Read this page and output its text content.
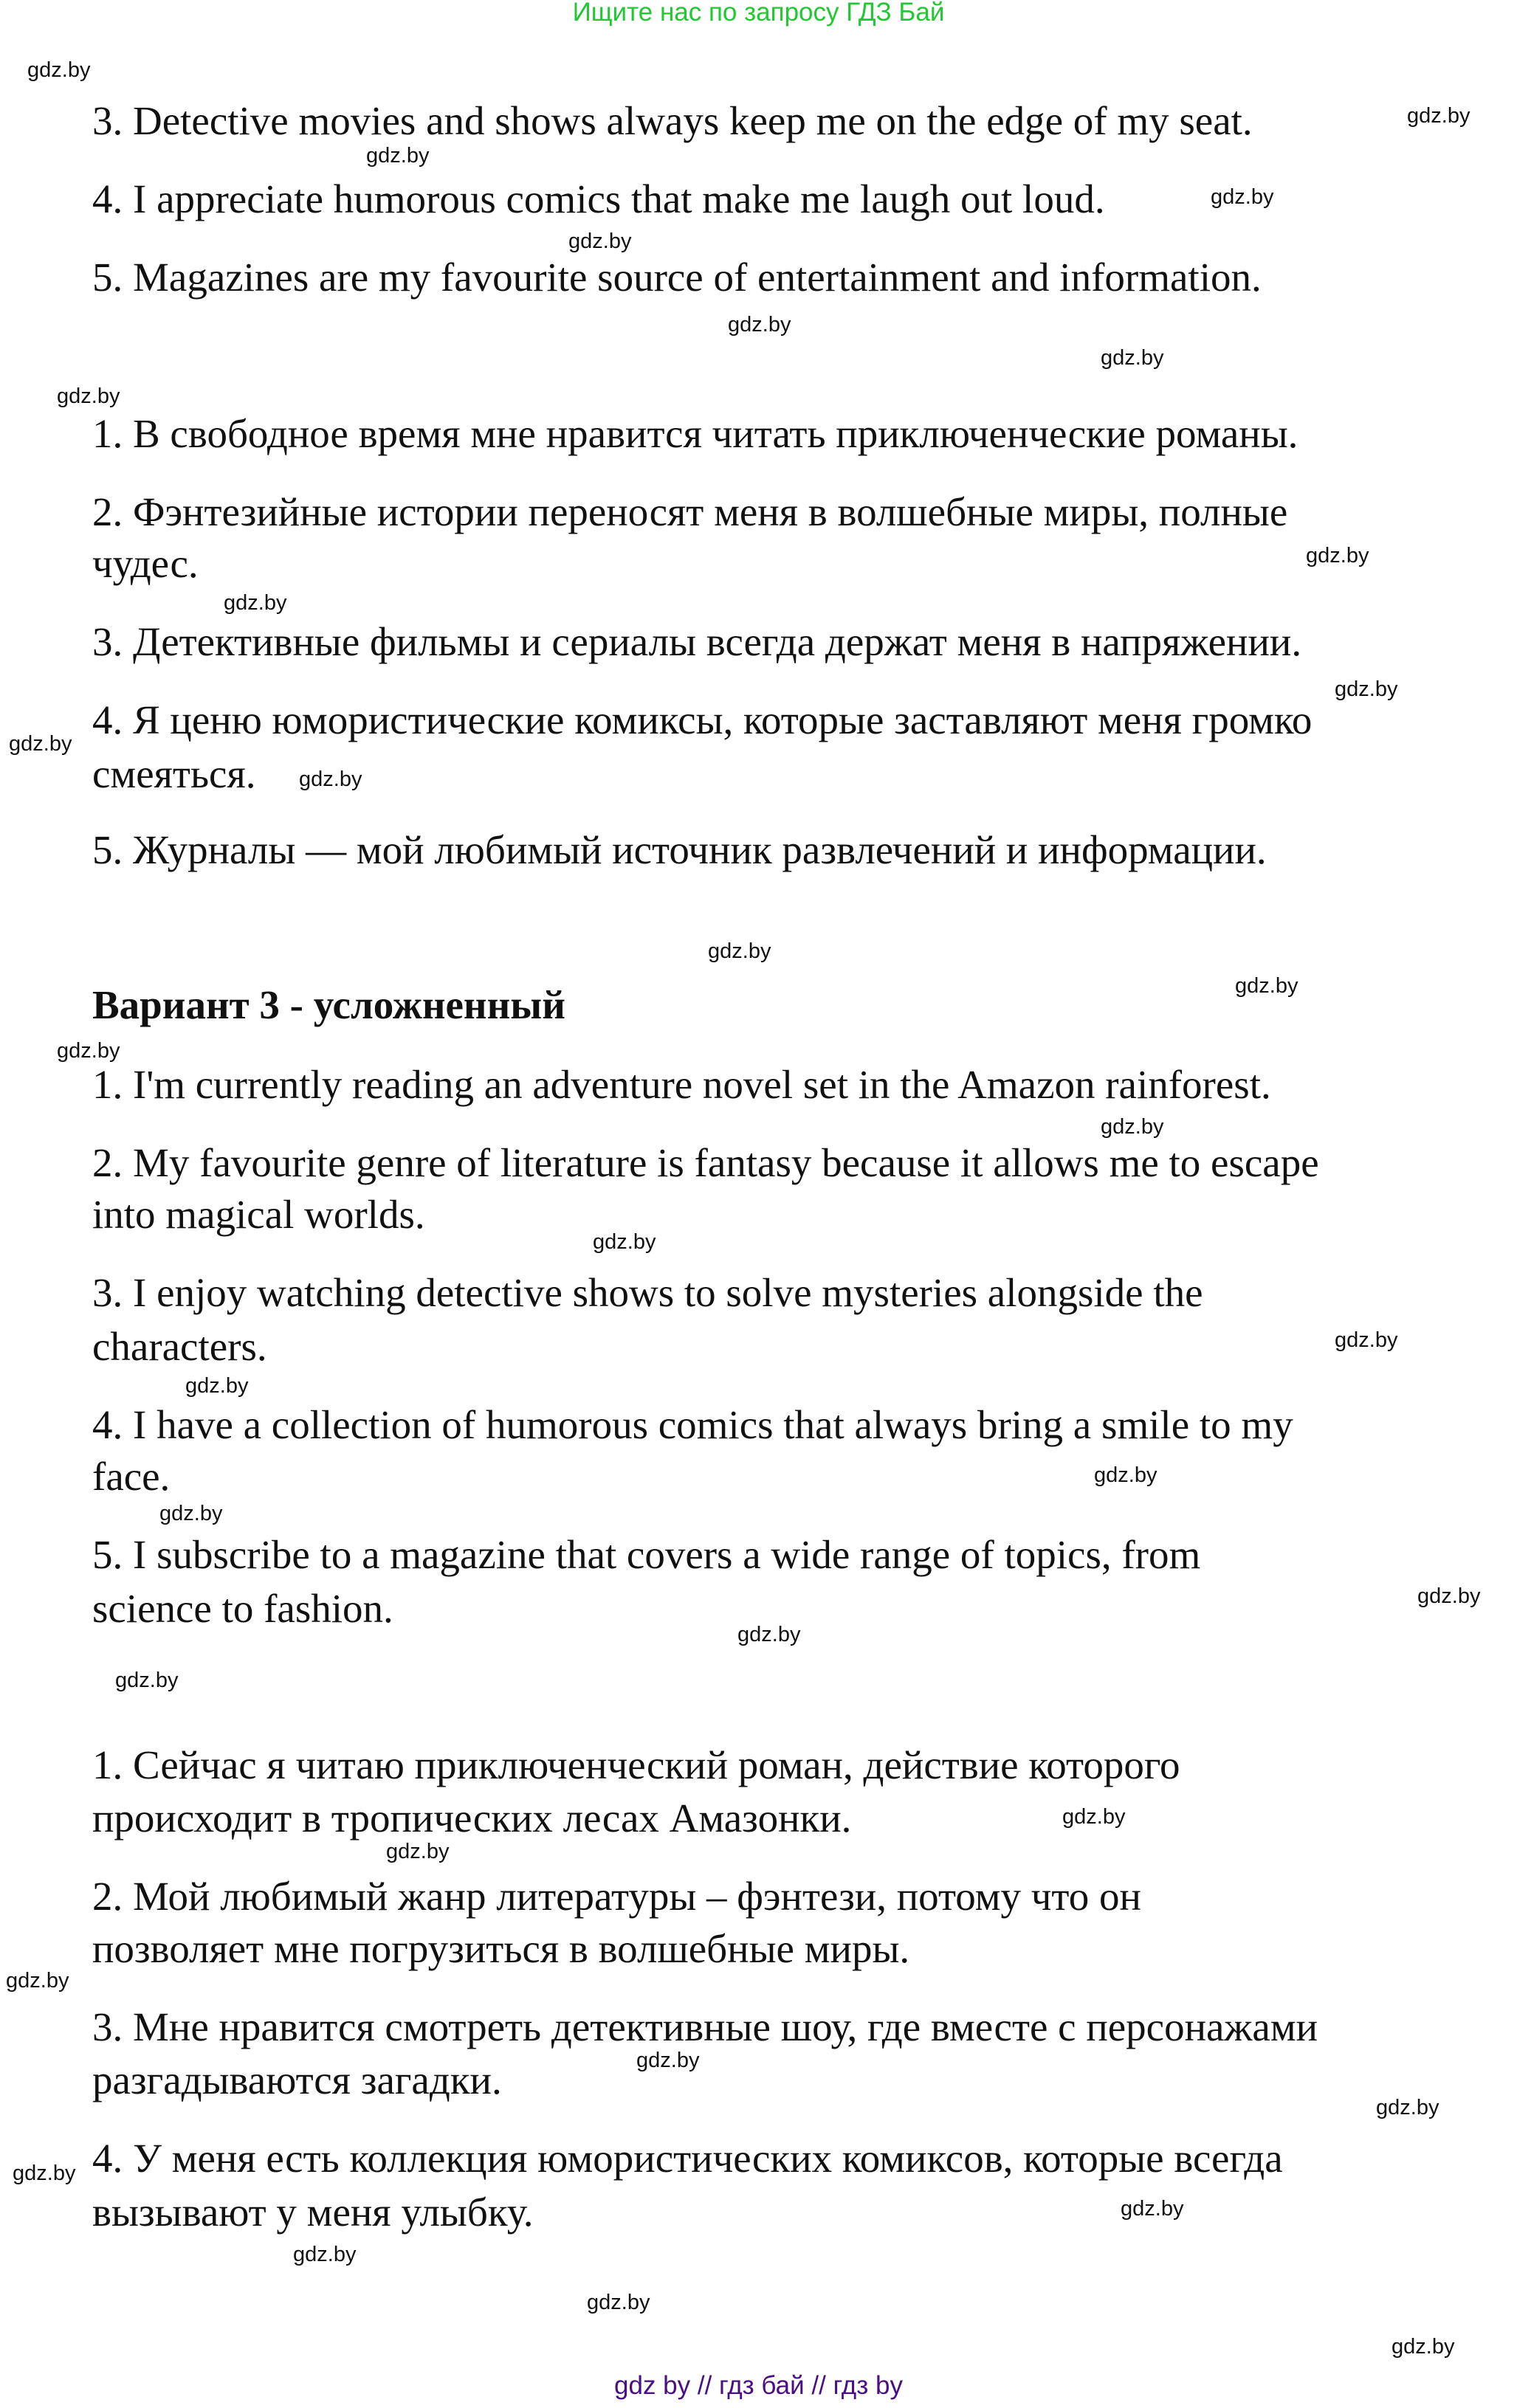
Ищите нас по запросу ГДЗ Бай
3. Detective movies and shows always keep me on the edge of my seat.
4. I appreciate humorous comics that make me laugh out loud.
5. Magazines are my favourite source of entertainment and information.
1. В свободное время мне нравится читать приключенческие романы.
2. Фэнтезийные истории переносят меня в волшебные миры, полные
чудес.
3. Детективные фильмы и сериалы всегда держат меня в напряжении.
4. Я ценю юмористические комиксы, которые заставляют меня громко
смеяться.
5. Журналы — мой любимый источник развлечений и информации.
Вариант 3 - усложненный
1. I'm currently reading an adventure novel set in the Amazon rainforest.
2. My favourite genre of literature is fantasy because it allows me to escape
into magical worlds.
3. I enjoy watching detective shows to solve mysteries alongside the
characters.
4. I have a collection of humorous comics that always bring a smile to my
face.
5. I subscribe to a magazine that covers a wide range of topics, from
science to fashion.
1. Сейчас я читаю приключенческий роман, действие которого
происходит в тропических лесах Амазонки.
2. Мой любимый жанр литературы – фэнтези, потому что он
позволяет мне погрузиться в волшебные миры.
3. Мне нравится смотреть детективные шоу, где вместе с персонажами
разгадываются загадки.
4. У меня есть коллекция юмористических комиксов, которые всегда
вызывают у меня улыбку.
gdz.by
gdz.by
gdz.by
gdz.by
gdz.by
gdz.by
gdz.by
gdz.by
gdz.by
gdz.by
gdz.by
gdz.by
gdz.by
gdz.by
gdz.by
gdz.by
gdz.by
gdz.by
gdz.by
gdz.by
gdz.by
gdz.by
gdz.by
gdz.by
gdz.by
gdz.by
gdz.by
gdz.by
gdz.by
gdz.by
gdz.by
gdz.by
gdz.by
gdz.by
gdz.by
gdz by // гдз бай // гдз by
